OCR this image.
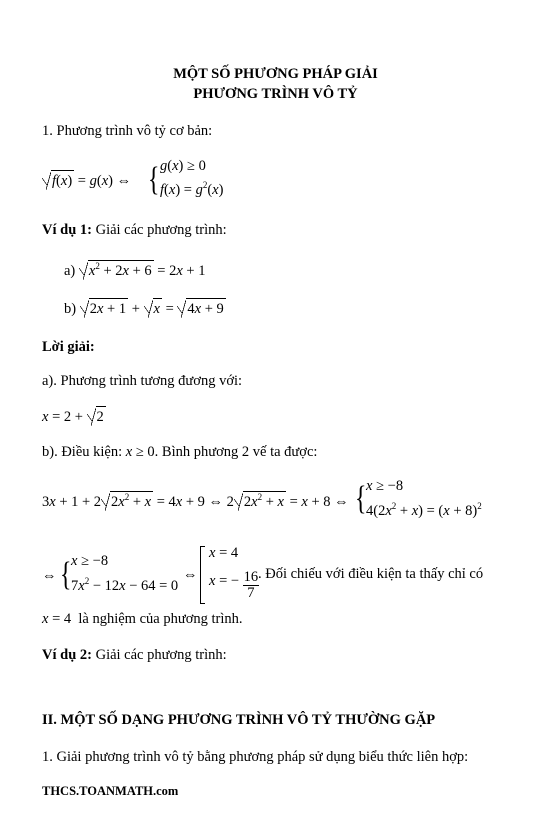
MỘT SỐ PHƯƠNG PHÁP GIẢI
PHƯƠNG TRÌNH VÔ TỶ
1. Phương trình vô tỷ cơ bản:
f(x) = g(x) ⇔ { g(x) ≥ 0
$f(x) = g^2(x)$
Ví dụ 1: Giải các phương trình:
a) $x^2 + 2x + 6 = 2x + 1$
b) 2x + 1 + x = 4x + 9
Lời giải:
a). Phương trình tương đương với:
x = 2 + 2
b). Điều kiện: x ≥ 0. Bình phương 2 vế ta được:
3x + 1 + 2 $2x^2 + x = 4x + 9$ ⇔ 2 $2x^2 + x = x + 8$ ⇔ { x ≥ −8
$4(2x^2 + x) = (x + 8)^2$
⇔ { x ≥ −8
$7x^2 - 12x - 64 = 0$
⇔
x = 4
x = − $\frac{16}{7}$
. Đối chiếu với điều kiện ta thấy chỉ có
x = 4 là nghiệm của phương trình.
Ví dụ 2: Giải các phương trình:
II. MỘT SỐ DẠNG PHƯƠNG TRÌNH VÔ TỶ THƯỜNG GẶP
1. Giải phương trình vô tỷ bằng phương pháp sử dụng biểu thức liên hợp:
THCS.TOANMATH.com
